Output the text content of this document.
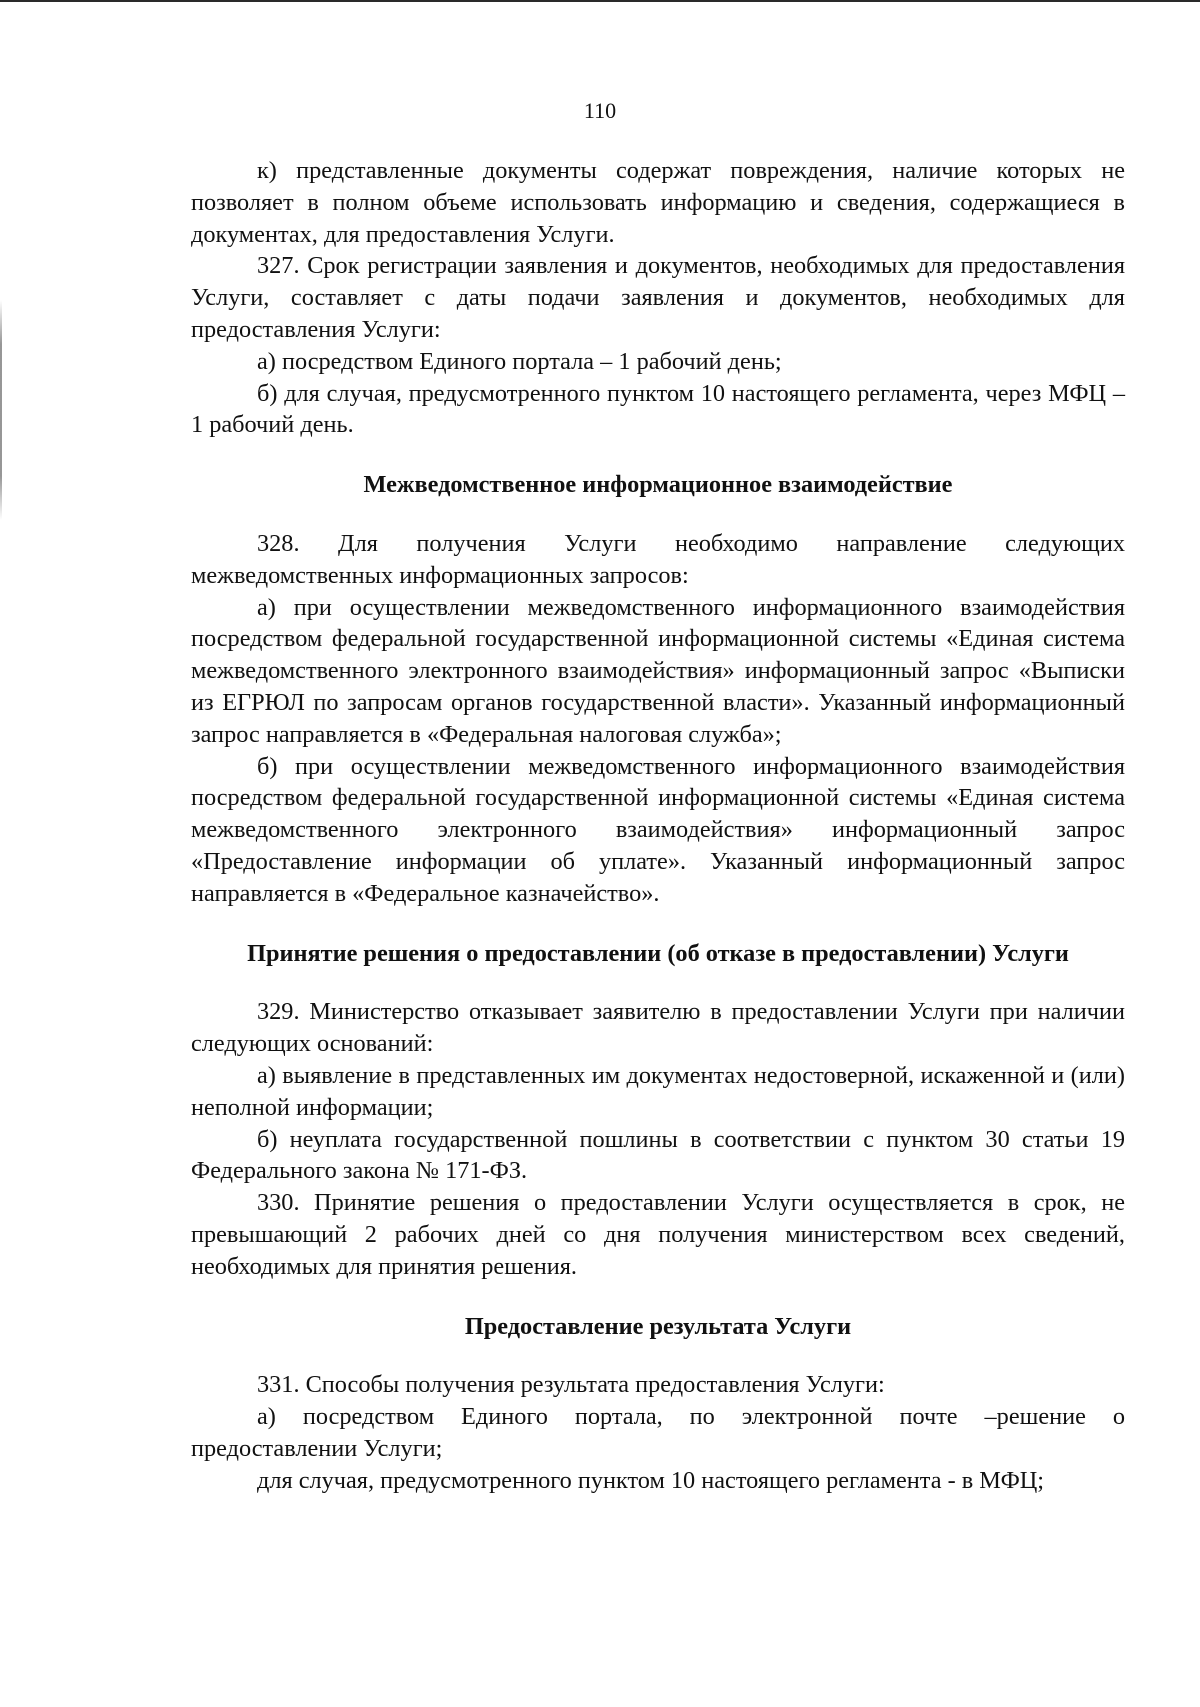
110

к) представленные документы содержат повреждения, наличие которых не позволяет в полном объеме использовать информацию и сведения, содержащиеся в документах, для предоставления Услуги.

327. Срок регистрации заявления и документов, необходимых для предоставления Услуги, составляет с даты подачи заявления и документов, необходимых для предоставления Услуги:

а) посредством Единого портала – 1 рабочий день;

б) для случая, предусмотренного пунктом 10 настоящего регламента, через МФЦ – 1 рабочий день.

Межведомственное информационное взаимодействие

328. Для получения Услуги необходимо направление следующих межведомственных информационных запросов:

а) при осуществлении межведомственного информационного взаимодействия посредством федеральной государственной информационной системы «Единая система межведомственного электронного взаимодействия» информационный запрос «Выписки из ЕГРЮЛ по запросам органов государственной власти». Указанный информационный запрос направляется в «Федеральная налоговая служба»;

б) при осуществлении межведомственного информационного взаимодействия посредством федеральной государственной информационной системы «Единая система межведомственного электронного взаимодействия» информационный запрос «Предоставление информации об уплате». Указанный информационный запрос направляется в «Федеральное казначейство».

Принятие решения о предоставлении (об отказе в предоставлении) Услуги

329. Министерство отказывает заявителю в предоставлении Услуги при наличии следующих оснований:

а) выявление в представленных им документах недостоверной, искаженной и (или) неполной информации;

б) неуплата государственной пошлины в соответствии с пунктом 30 статьи 19 Федерального закона № 171-ФЗ.

330. Принятие решения о предоставлении Услуги осуществляется в срок, не превышающий 2 рабочих дней со дня получения министерством всех сведений, необходимых для принятия решения.

Предоставление результата Услуги

331. Способы получения результата предоставления Услуги:

а) посредством Единого портала, по электронной почте –решение о предоставлении Услуги;

для случая, предусмотренного пунктом 10 настоящего регламента - в МФЦ;
